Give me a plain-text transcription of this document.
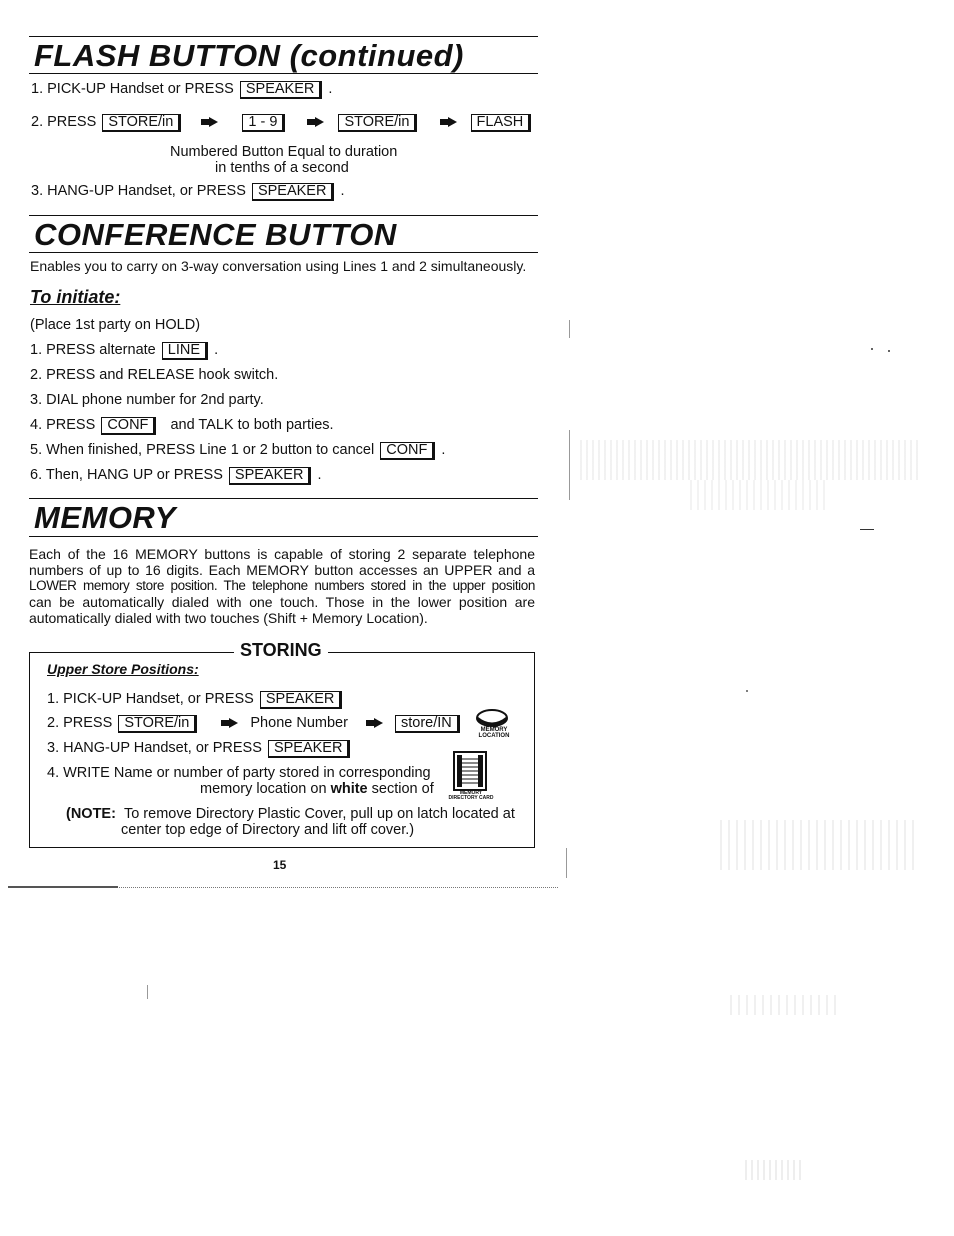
FLASH BUTTON (continued)
1. PICK-UP Handset or PRESS SPEAKER .
2. PRESS STORE/in	1 - 9	STORE/in	FLASH
Numbered Button Equal to duration
in tenths of a second
3. HANG-UP Handset, or PRESS SPEAKER .
CONFERENCE BUTTON
Enables you to carry on 3-way conversation using Lines 1 and 2 simultaneously.
To initiate:
(Place 1st party on HOLD)
1. PRESS alternate LINE .
2. PRESS and RELEASE hook switch.
3. DIAL phone number for 2nd party.
4. PRESS CONF and TALK to both parties.
5. When finished, PRESS Line 1 or 2 button to cancel CONF .
6. Then, HANG UP or PRESS SPEAKER .
MEMORY
Each of the 16 MEMORY buttons is capable of storing 2 separate telephone
numbers of up to 16 digits. Each MEMORY button accesses an UPPER and a
LOWER memory store position. The telephone numbers stored in the upper position
can be automatically dialed with one touch. Those in the lower position are
automatically dialed with two touches (Shift + Memory Location).
STORING
Upper Store Positions:
1. PICK-UP Handset, or PRESS SPEAKER
2. PRESS STORE/in	Phone Number	store/IN	MEMORY LOCATION
3. HANG-UP Handset, or PRESS SPEAKER
4. WRITE Name or number of party stored in corresponding
memory location on white section of	MEMORY DIRECTORY CARD
(NOTE: To remove Directory Plastic Cover, pull up on latch located at
center top edge of Directory and lift off cover.)
15
